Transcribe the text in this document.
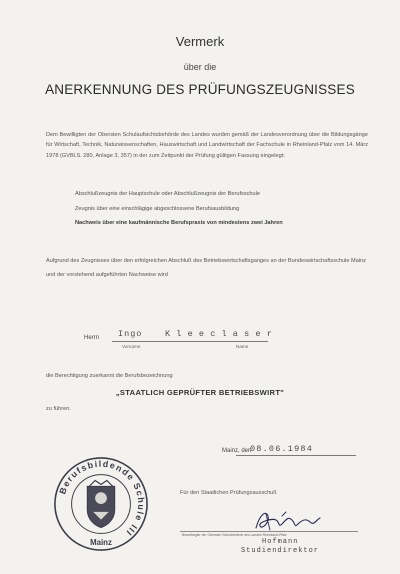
Vermerk
über die
ANERKENNUNG DES PRÜFUNGSZEUGNISSES
Dem Bewilligten der Obersten Schulaufsichtsbehörde des Landes wurden gemäß der Landesverordnung über die Bildungsgänge für Wirtschaft, Technik, Naturwissenschaften, Hauswirtschaft und Landwirtschaft der Fachschule in Rheinland-Pfalz vom 14. März 1978 (GVBl.S. 280, Anlage 3, 357) in der zum Zeitpunkt der Prüfung gültigen Fassung eingelegt:
Abschlußzeugnis der Hauptschule oder Abschlußzeugnis der Berufsschule
Zeugnis über eine einschlägige abgeschlossene Berufsausbildung
Nachweis über eine kaufmännische Berufspraxis von mindestens zwei Jahren
Aufgrund des Zeugnisses über den erfolgreichen Abschluß des Betriebswirtschaftsganges an der Bundeswirtschaftsschule Mainz und der vorstehend aufgeführten Nachweise wird
Herrn Ingo	Kleeclaser
Vorname	Name
die Berechtigung zuerkannt die Berufsbezeichnung
„STAATLICH GEPRÜFTER BETRIEBSWIRT"
zu führen.
Mainz, den
08.06.1984
Für den Staatlichen Prüfungsausschuß
Beauftragter der Obersten Schulbehörde des Landes Rheinland-Pfalz
Hofmann
Studiendirektor
Berufsbildende Schule III
Mainz
